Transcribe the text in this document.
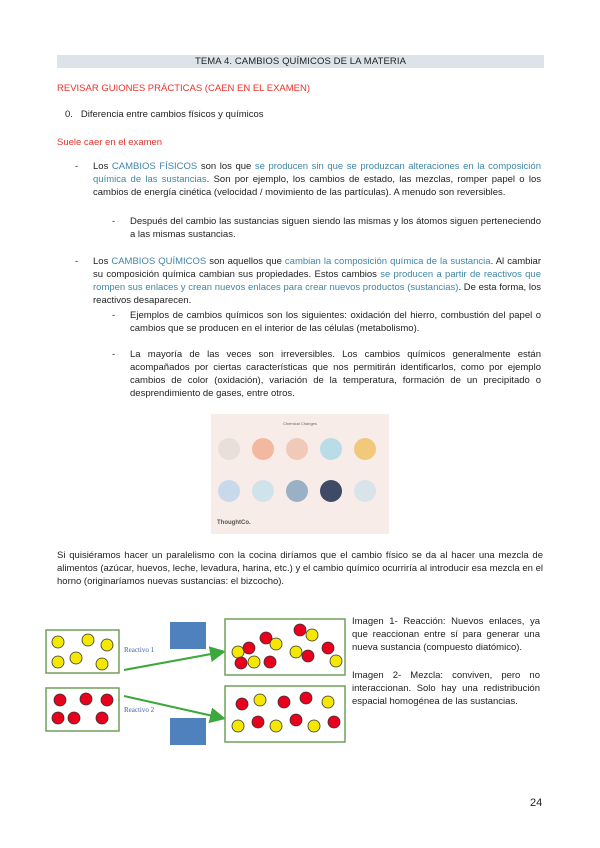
TEMA 4. CAMBIOS QUÍMICOS DE LA MATERIA
REVISAR GUIONES PRÁCTICAS (CAEN EN EL EXAMEN)
0. Diferencia entre cambios físicos y químicos
Suele caer en el examen
- Los CAMBIOS FÍSICOS son los que se producen sin que se produzcan alteraciones en la composición química de las sustancias. Son por ejemplo, los cambios de estado, las mezclas, romper papel o los cambios de energía cinética (velocidad / movimiento de las partículas). A menudo son reversibles.
- Después del cambio las sustancias siguen siendo las mismas y los átomos siguen perteneciendo a las mismas sustancias.
- Los CAMBIOS QUÍMICOS son aquellos que cambian la composición química de la sustancia. Al cambiar su composición química cambian sus propiedades. Estos cambios se producen a partir de reactivos que rompen sus enlaces y crean nuevos enlaces para crear nuevos productos (sustancias). De esta forma, los reactivos desaparecen.
- Ejemplos de cambios químicos son los siguientes: oxidación del hierro, combustión del papel o cambios que se producen en el interior de las células (metabolismo).
- La mayoría de las veces son irreversibles. Los cambios químicos generalmente están acompañados por ciertas características que nos permitirán identificarlos, como por ejemplo cambios de color (oxidación), variación de la temperatura, formación de un precipitado o desprendimiento de gases, entre otros.
Chemical Changes
ThoughtCo.
Si quisiéramos hacer un paralelismo con la cocina diríamos que el cambio físico se da al hacer una mezcla de alimentos (azúcar, huevos, leche, levadura, harina, etc.) y el cambio químico ocurriría al introducir esa mezcla en el horno (originaríamos nuevas sustancias: el bizcocho).
Reactivo 1
Reactivo 2
Imagen 1- Reacción: Nuevos enlaces, ya que reaccionan entre sí para generar una nueva sustancia (compuesto diatómico).
Imagen 2- Mezcla: conviven, pero no interaccionan. Solo hay una redistribución espacial homogénea de las sustancias.
24
